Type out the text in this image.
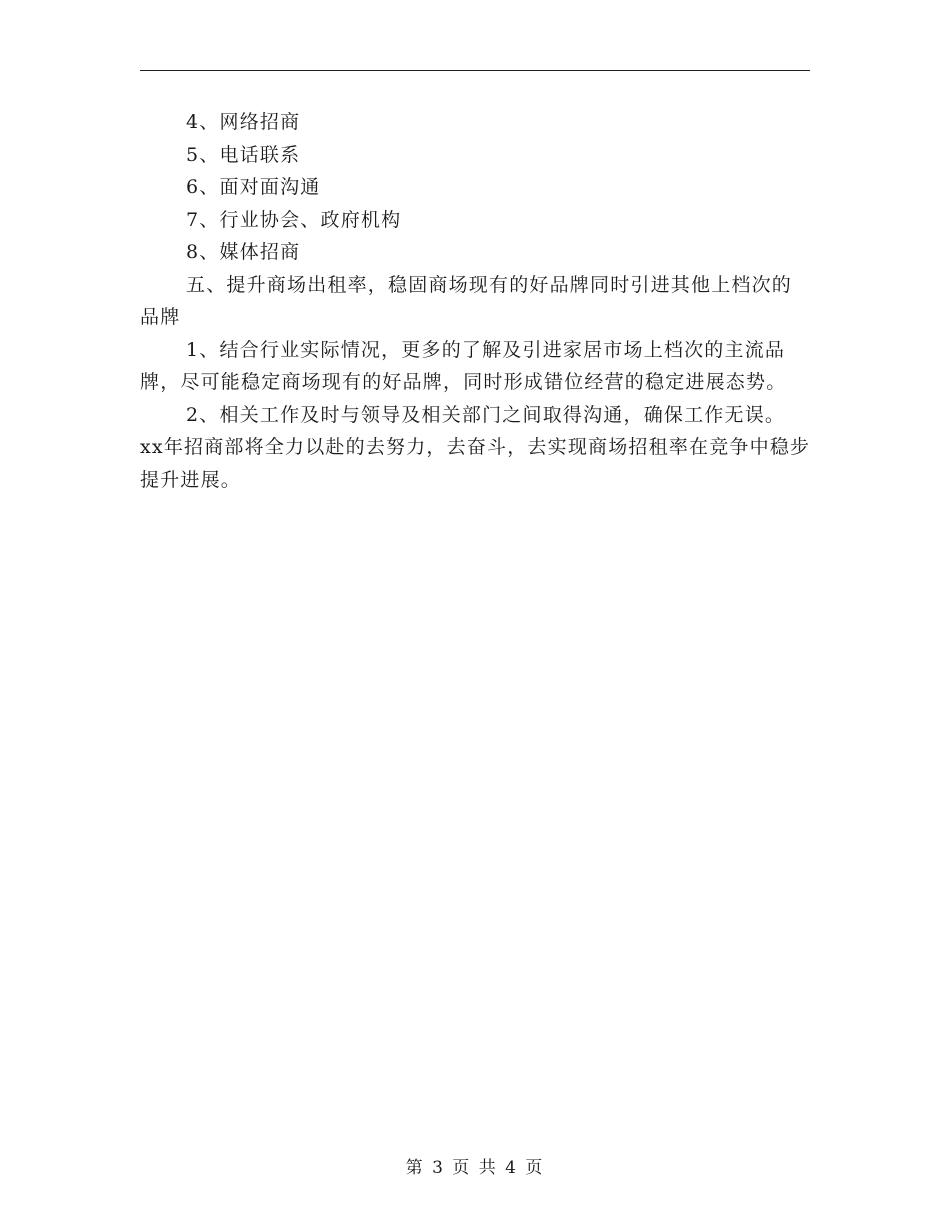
4、网络招商

5、电话联系

6、面对面沟通

7、行业协会、政府机构

8、媒体招商

五、提升商场出租率，稳固商场现有的好品牌同时引进其他上档次的品牌

1、结合行业实际情况，更多的了解及引进家居市场上档次的主流品牌，尽可能稳定商场现有的好品牌，同时形成错位经营的稳定进展态势。

2、相关工作及时与领导及相关部门之间取得沟通，确保工作无误。

xx年招商部将全力以赴的去努力，去奋斗，去实现商场招租率在竞争中稳步提升进展。

第 3 页 共 4 页
